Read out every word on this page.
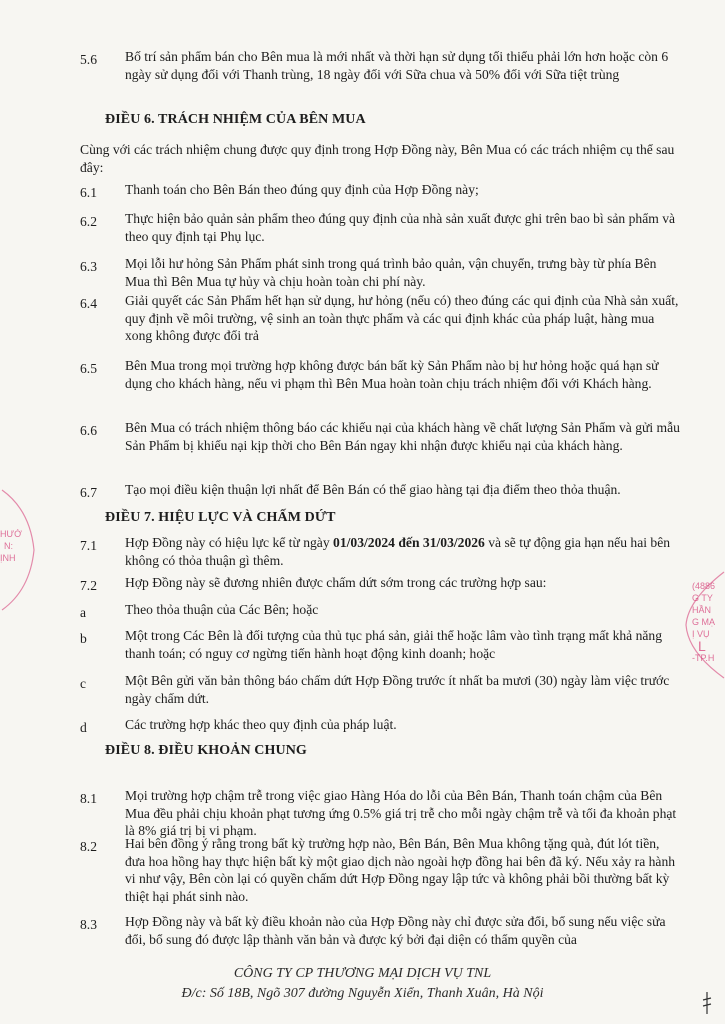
5.6	Bố trí sản phẩm bán cho Bên mua là mới nhất và thời hạn sử dụng tối thiểu phải lớn hơn hoặc còn 6 ngày sử dụng đối với Thanh trùng, 18 ngày đối với Sữa chua và 50% đối với Sữa tiệt trùng
ĐIỀU 6. TRÁCH NHIỆM CỦA BÊN MUA
Cùng với các trách nhiệm chung được quy định trong Hợp Đồng này, Bên Mua có các trách nhiệm cụ thể sau đây:
6.1	Thanh toán cho Bên Bán theo đúng quy định của Hợp Đồng này;
6.2	Thực hiện bảo quản sản phẩm theo đúng quy định của nhà sản xuất được ghi trên bao bì sản phẩm và theo quy định tại Phụ lục.
6.3	Mọi lỗi hư hỏng Sản Phẩm phát sinh trong quá trình bảo quản, vận chuyển, trưng bày từ phía Bên Mua thì Bên Mua tự hủy và chịu hoàn toàn chi phí này.
6.4	Giải quyết các Sản Phẩm hết hạn sử dụng, hư hỏng (nếu có) theo đúng các qui định của Nhà sản xuất, quy định về môi trường, vệ sinh an toàn thực phẩm và các qui định khác của pháp luật, hàng mua xong không được đổi trả
6.5	Bên Mua trong mọi trường hợp không được bán bất kỳ Sản Phẩm nào bị hư hỏng hoặc quá hạn sử dụng cho khách hàng, nếu vi phạm thì Bên Mua hoàn toàn chịu trách nhiệm đối với Khách hàng.
6.6	Bên Mua có trách nhiệm thông báo các khiếu nại của khách hàng về chất lượng Sản Phẩm và gửi mẫu Sản Phẩm bị khiếu nại kịp thời cho Bên Bán ngay khi nhận được khiếu nại của khách hàng.
6.7	Tạo mọi điều kiện thuận lợi nhất để Bên Bán có thể giao hàng tại địa điểm theo thỏa thuận.
ĐIỀU 7. HIỆU LỰC VÀ CHẤM DỨT
7.1	Hợp Đồng này có hiệu lực kể từ ngày 01/03/2024 đến 31/03/2026 và sẽ tự động gia hạn nếu hai bên không có thỏa thuận gì thêm.
7.2	Hợp Đồng này sẽ đương nhiên được chấm dứt sớm trong các trường hợp sau:
a	Theo thỏa thuận của Các Bên; hoặc
b	Một trong Các Bên là đối tượng của thủ tục phá sản, giải thể hoặc lâm vào tình trạng mất khả năng thanh toán; có nguy cơ ngừng tiến hành hoạt động kinh doanh; hoặc
c	Một Bên gửi văn bản thông báo chấm dứt Hợp Đồng trước ít nhất ba mươi (30) ngày làm việc trước ngày chấm dứt.
d	Các trường hợp khác theo quy định của pháp luật.
ĐIỀU 8. ĐIỀU KHOẢN CHUNG
8.1	Mọi trường hợp chậm trễ trong việc giao Hàng Hóa do lỗi của Bên Bán, Thanh toán chậm của Bên Mua đều phải chịu khoản phạt tương ứng 0.5% giá trị trễ cho mỗi ngày chậm trễ và tối đa khoản phạt là 8% giá trị bị vi phạm.
8.2	Hai bên đồng ý rằng trong bất kỳ trường hợp nào, Bên Bán, Bên Mua không tặng quà, đút lót tiền, đưa hoa hồng hay thực hiện bất kỳ một giao dịch nào ngoài hợp đồng hai bên đã ký. Nếu xảy ra hành vi như vậy, Bên còn lại có quyền chấm dứt Hợp Đồng ngay lập tức và không phải bồi thường bất kỳ thiệt hại phát sinh nào.
8.3	Hợp Đồng này và bất kỳ điều khoản nào của Hợp Đồng này chỉ được sửa đổi, bổ sung nếu việc sửa đổi, bổ sung đó được lập thành văn bản và được ký bởi đại diện có thẩm quyền của
CÔNG TY CP THƯƠNG MẠI DỊCH VỤ TNL
Đ/c: Số 18B, Ngõ 307 đường Nguyễn Xiển, Thanh Xuân, Hà Nội
HƯỚ
N:
ỊNH
(4886
G TY
HẦN
G MẠ
Ị VỤ
L
-TP.H
